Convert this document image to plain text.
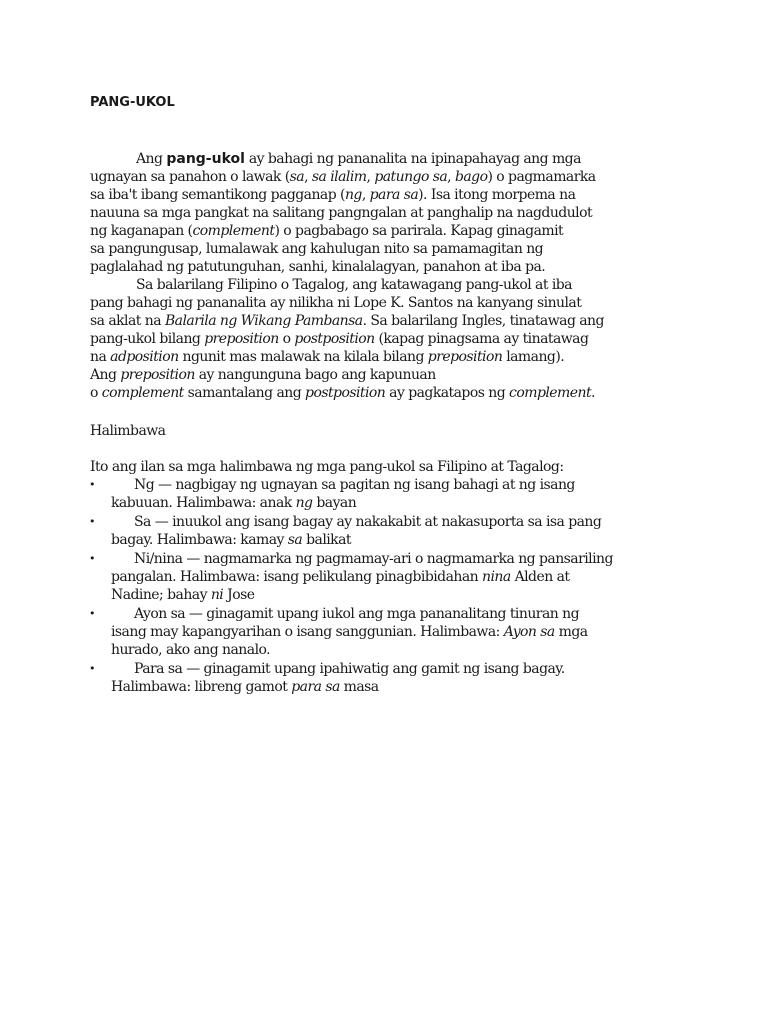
PANG-UKOL
Ang pang-ukol ay bahagi ng pananalita na ipinapahayag ang mga
ugnayan sa panahon o lawak (sa, sa ilalim, patungo sa, bago) o pagmamarka
sa iba't ibang semantikong pagganap (ng, para sa). Isa itong morpema na
nauuna sa mga pangkat na salitang pangngalan at panghalip na nagdudulot
ng kaganapan (complement) o pagbabago sa parirala. Kapag ginagamit
sa pangungusap, lumalawak ang kahulugan nito sa pamamagitan ng
paglalahad ng patutunguhan, sanhi, kinalalagyan, panahon at iba pa.
Sa balarilang Filipino o Tagalog, ang katawagang pang-ukol at iba
pang bahagi ng pananalita ay nilikha ni Lope K. Santos na kanyang sinulat
sa aklat na Balarila ng Wikang Pambansa. Sa balarilang Ingles, tinatawag ang
pang-ukol bilang preposition o postposition (kapag pinagsama ay tinatawag
na adposition ngunit mas malawak na kilala bilang preposition lamang).
Ang preposition ay nangunguna bago ang kapunuan
o complement samantalang ang postposition ay pagkatapos ng complement.
Halimbawa
Ito ang ilan sa mga halimbawa ng mga pang-ukol sa Filipino at Tagalog:
•	Ng — nagbigay ng ugnayan sa pagitan ng isang bahagi at ng isang
kabuuan. Halimbawa: anak ng bayan
•	Sa — inuukol ang isang bagay ay nakakabit at nakasuporta sa isa pang
bagay. Halimbawa: kamay sa balikat
•	Ni/nina — nagmamarka ng pagmamay-ari o nagmamarka ng pansariling
pangalan. Halimbawa: isang pelikulang pinagbibidahan nina Alden at
Nadine; bahay ni Jose
•	Ayon sa — ginagamit upang iukol ang mga pananalitang tinuran ng
isang may kapangyarihan o isang sanggunian. Halimbawa: Ayon sa mga
hurado, ako ang nanalo.
•	Para sa — ginagamit upang ipahiwatig ang gamit ng isang bagay.
Halimbawa: libreng gamot para sa masa
